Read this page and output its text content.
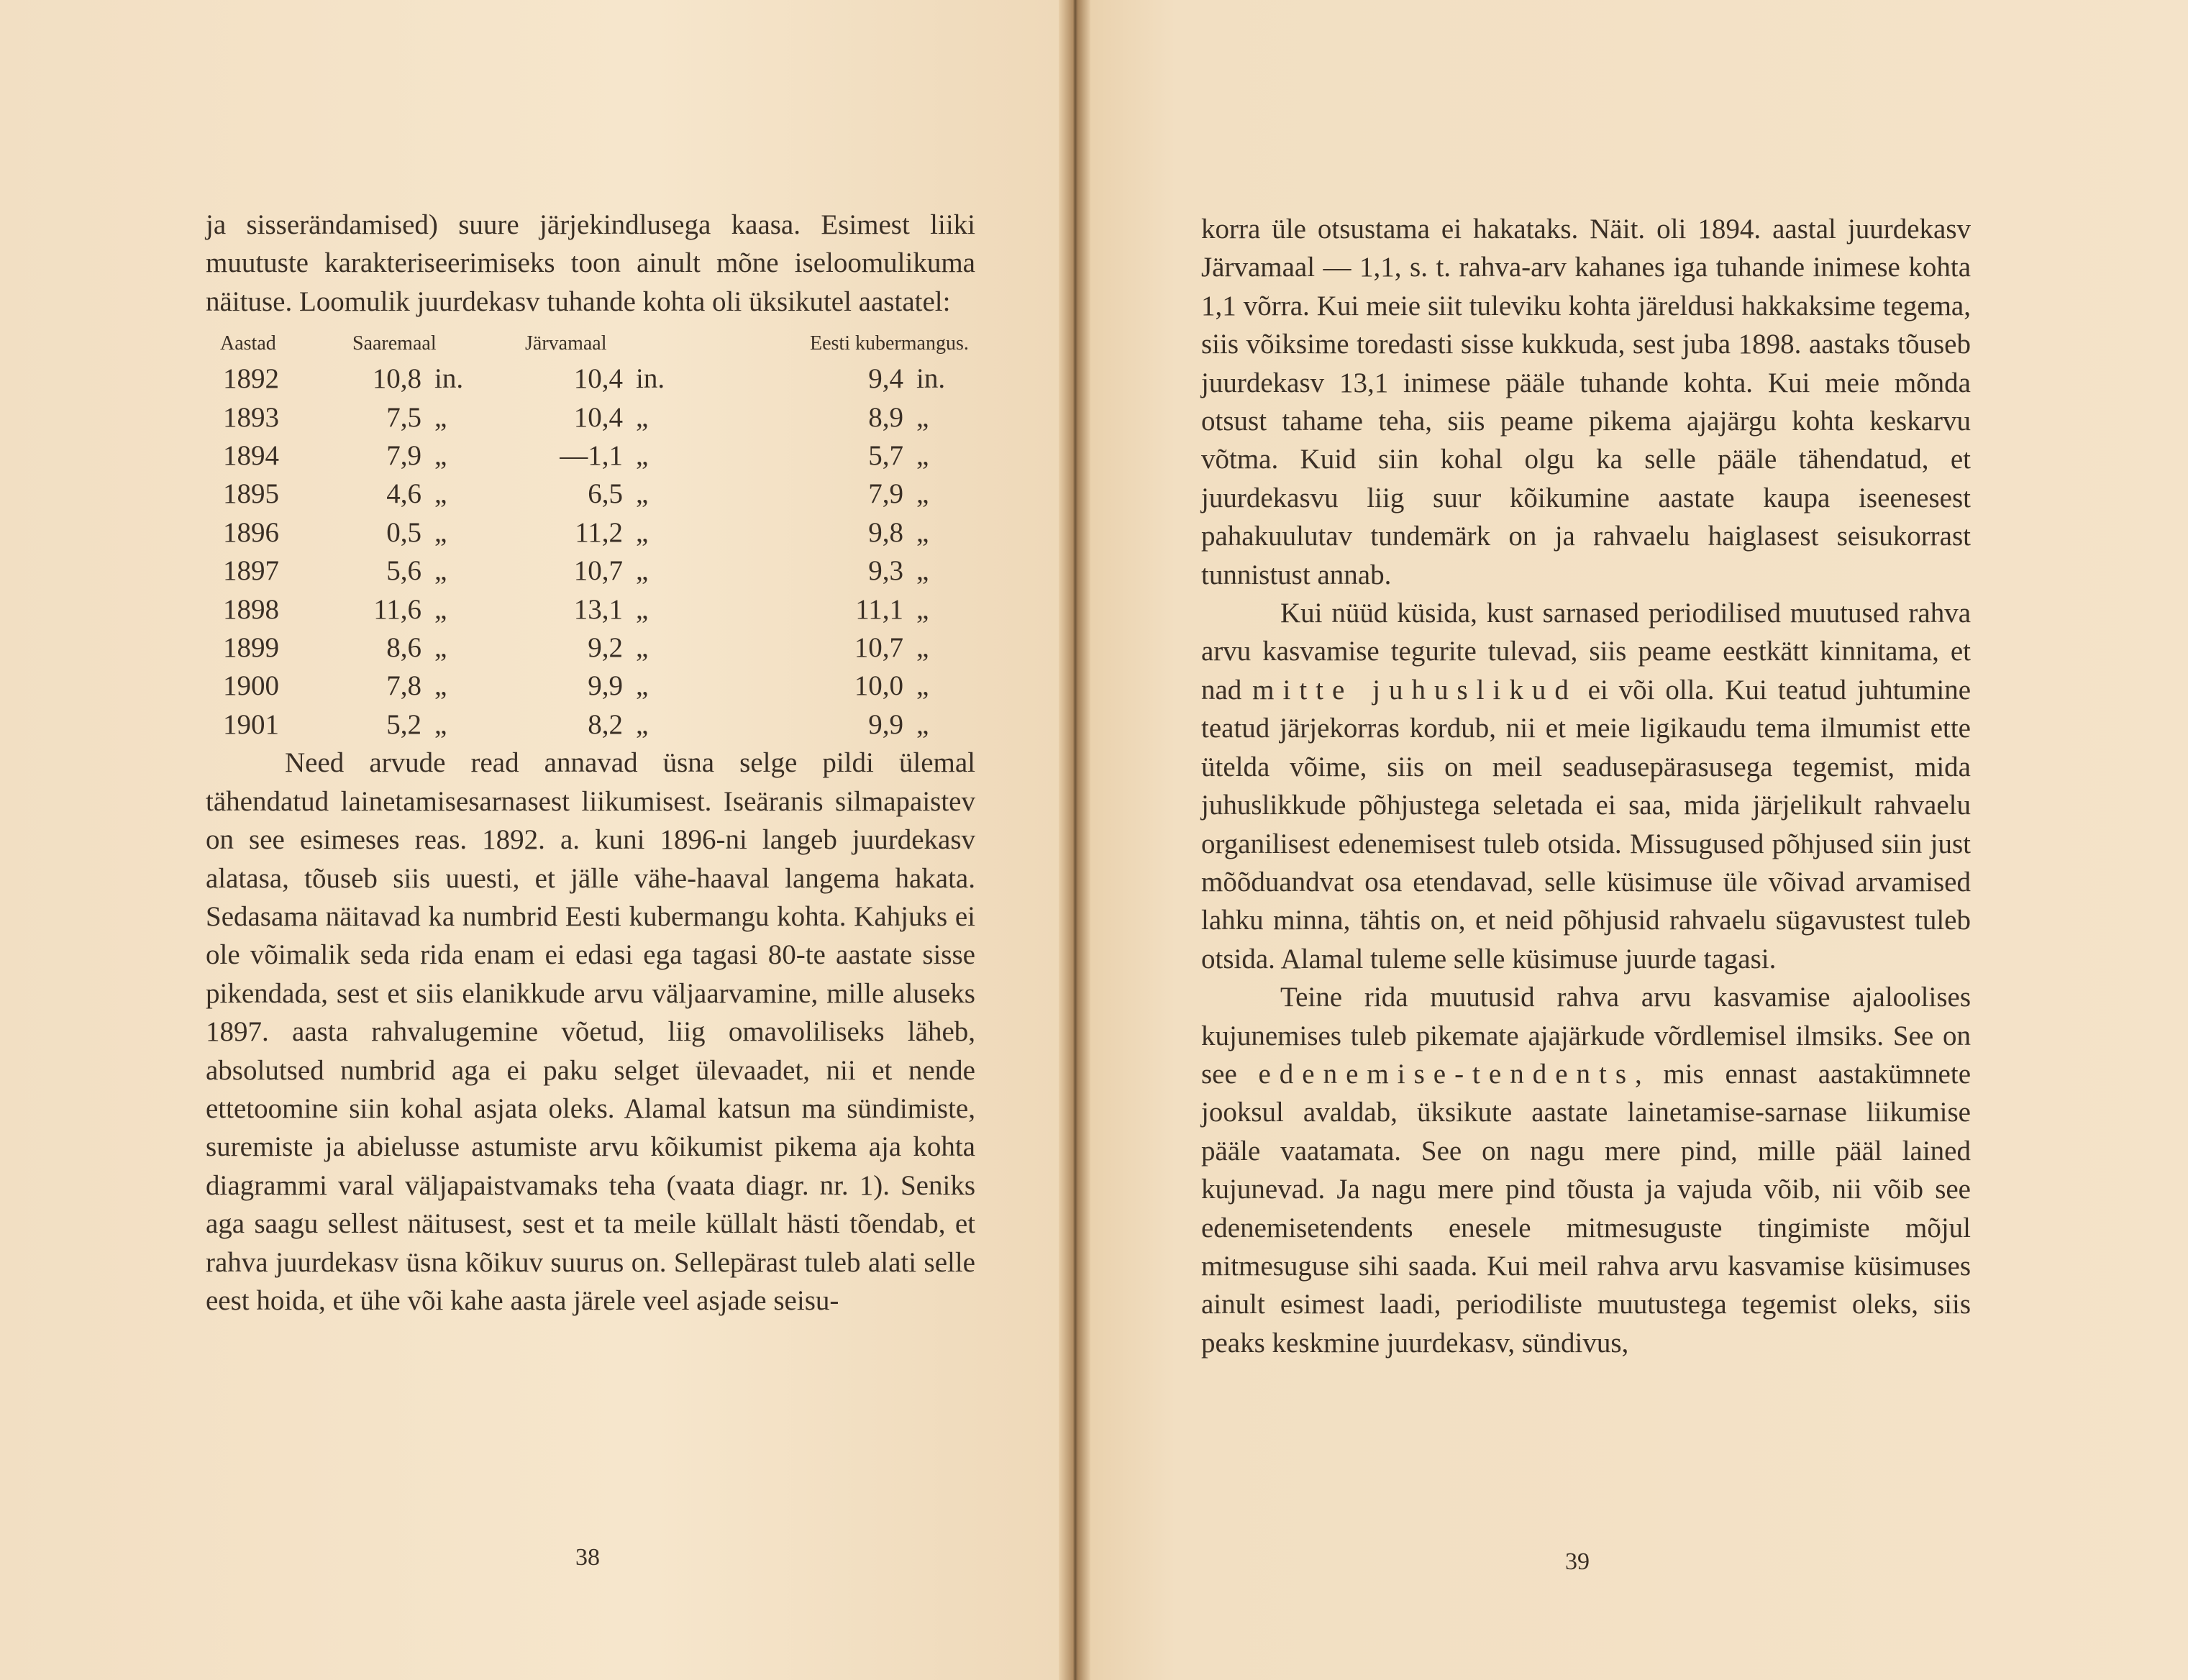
ja sisserändamised) suure järjekindlusega kaasa. Esimest liiki muutuste karakteriseerimiseks toon ainult mõne iseloomulikuma näituse. Loomulik juurdekasv tuhande kohta oli üksikutel aastatel:

Aastad	Saaremaal	Järvamaal	Eesti kubermangus.
1892	10,8 in.	10,4 in.	9,4 in.
1893	7,5 „	10,4 „	8,9 „
1894	7,9 „	—1,1 „	5,7 „
1895	4,6 „	6,5 „	7,9 „
1896	0,5 „	11,2 „	9,8 „
1897	5,6 „	10,7 „	9,3 „
1898	11,6 „	13,1 „	11,1 „
1899	8,6 „	9,2 „	10,7 „
1900	7,8 „	9,9 „	10,0 „
1901	5,2 „	8,2 „	9,9 „

Need arvude read annavad üsna selge pildi ülemal tähendatud lainetamisesarnasest liikumisest. Iseäranis silmapaistev on see esimeses reas. 1892. a. kuni 1896-ni langeb juurdekasv alatasa, tõuseb siis uuesti, et jälle vähe-haaval langema hakata. Sedasama näitavad ka numbrid Eesti kubermangu kohta. Kahjuks ei ole võimalik seda rida enam ei edasi ega tagasi 80-te aastate sisse pikendada, sest et siis elanikkude arvu väljaarvamine, mille aluseks 1897. aasta rahvalugemine võetud, liig omavoliliseks läheb, absolutsed numbrid aga ei paku selget ülevaadet, nii et nende ettetoomine siin kohal asjata oleks. Alamal katsun ma sündimiste, suremiste ja abielusse astumiste arvu kõikumist pikema aja kohta diagrammi varal väljapaistvamaks teha (vaata diagr. nr. 1). Seniks aga saagu sellest näitusest, sest et ta meile küllalt hästi tõendab, et rahva juurdekasv üsna kõikuv suurus on. Sellepärast tuleb alati selle eest hoida, et ühe või kahe aasta järele veel asjade seisu-

38

korra üle otsustama ei hakataks. Näit. oli 1894. aastal juurdekasv Järvamaal — 1,1, s. t. rahva-arv kahanes iga tuhande inimese kohta 1,1 võrra. Kui meie siit tuleviku kohta järeldusi hakkaksime tegema, siis võiksime toredasti sisse kukkuda, sest juba 1898. aastaks tõuseb juurdekasv 13,1 inimese pääle tuhande kohta. Kui meie mõnda otsust tahame teha, siis peame pikema ajajärgu kohta keskarvu võtma. Kuid siin kohal olgu ka selle pääle tähendatud, et juurdekasvu liig suur kõikumine aastate kaupa iseenesest pahakuulutav tundemärk on ja rahvaelu haiglasest seisukorrast tunnistust annab.

Kui nüüd küsida, kust sarnased periodilised muutused rahva arvu kasvamise tegurite tulevad, siis peame eestkätt kinnitama, et nad mitte juhuslikud ei või olla. Kui teatud juhtumine teatud järjekorras kordub, nii et meie ligikaudu tema ilmumist ette ütelda võime, siis on meil seadusepärasusega tegemist, mida juhuslikkude põhjustega seletada ei saa, mida järjelikult rahvaelu organilisest edenemisest tuleb otsida. Missugused põhjused siin just mõõduandvat osa etendavad, selle küsimuse üle võivad arvamised lahku minna, tähtis on, et neid põhjusid rahvaelu sügavustest tuleb otsida. Alamal tuleme selle küsimuse juurde tagasi.

Teine rida muutusid rahva arvu kasvamise ajaloolises kujunemises tuleb pikemate ajajärkude võrdlemisel ilmsiks. See on see edenemise-tendents, mis ennast aastakümnete jooksul avaldab, üksikute aastate lainetamise-sarnase liikumise pääle vaatamata. See on nagu mere pind, mille pääl lained kujunevad. Ja nagu mere pind tõusta ja vajuda võib, nii võib see edenemisetendents enesele mitmesuguste tingimiste mõjul mitmesuguse sihi saada. Kui meil rahva arvu kasvamise küsimuses ainult esimest laadi, periodiliste muutustega tegemist oleks, siis peaks keskmine juurdekasv, sündivus,

39
